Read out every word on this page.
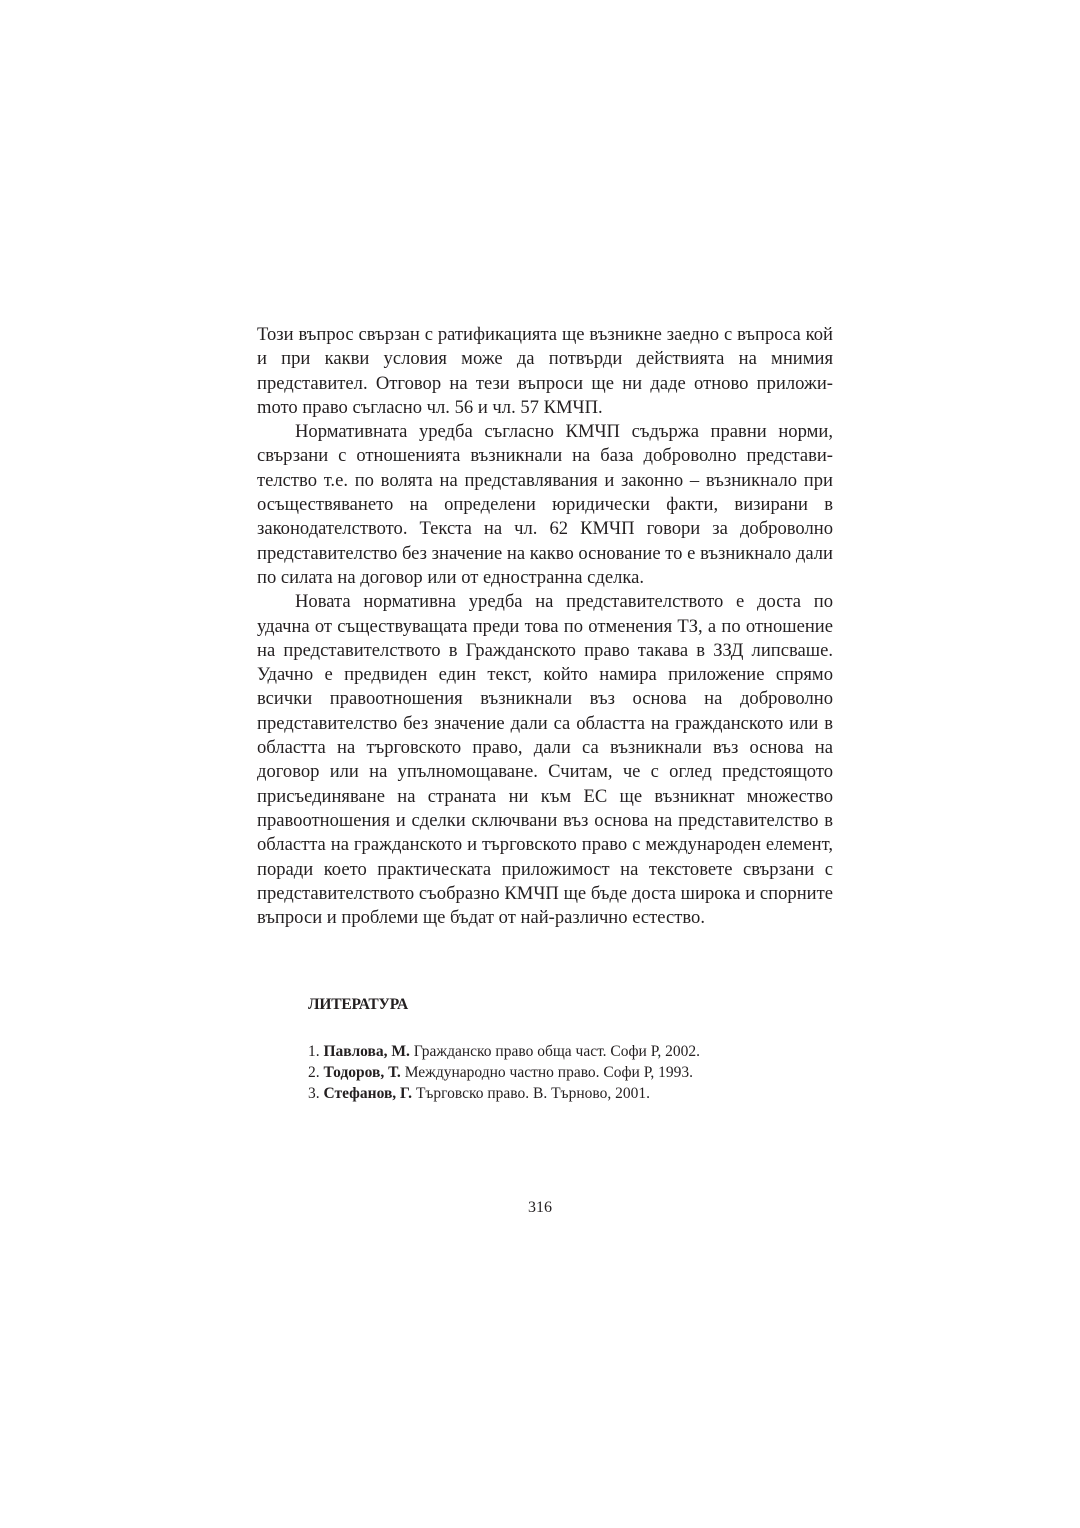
Този въпрос свързан с ратификацията ще възникне заедно с въпроса кой и при какви условия може да потвърди действията на мнимия представител. Отговор на тези въпроси ще ни даде отново приложиmото право съгласно чл. 56 и чл. 57 КМЧП.

Нормативната уредба съгласно КМЧП съдържа правни норми, свързани с отношенията възникнали на база доброволно представителство т.е. по волята на представлявания и законно – възникнало при осъществяването на определени юридически факти, визирани в законодателството. Текста на чл. 62 КМЧП говори за доброволно представителство без значение на какво основание то е възникнало дали по силата на договор или от едностранна сделка.

Новата нормативна уредба на представителството е доста по удачна от съществуващата преди това по отменения ТЗ, а по отношение на представителството в Гражданското право такава в ЗЗД липсваше. Удачно е предвиден един текст, който намира приложение спрямо всички правоотношения възникнали въз основа на доброволно представителство без значение дали са областта на гражданското или в областта на търговското право, дали са възникнали въз основа на договор или на упълномощаване. Считам, че с оглед предстоящото присъединяване на страната ни към ЕС ще възникнат множество правоотношения и сделки сключвани въз основа на представителство в областта на гражданското и търговското право с международен елемент, поради което практическата приложимост на текстовете свързани с представителството съобразно КМЧП ще бъде доста широка и спорните въпроси и проблеми ще бъдат от най-различно естество.

ЛИТЕРАТУРА
1. Павлова, М. Гражданско право обща част. Софи Р, 2002.
2. Тодоров, Т. Международно частно право. Софи Р, 1993.
3. Стефанов, Г. Търговско право. В. Търново, 2001.

316
